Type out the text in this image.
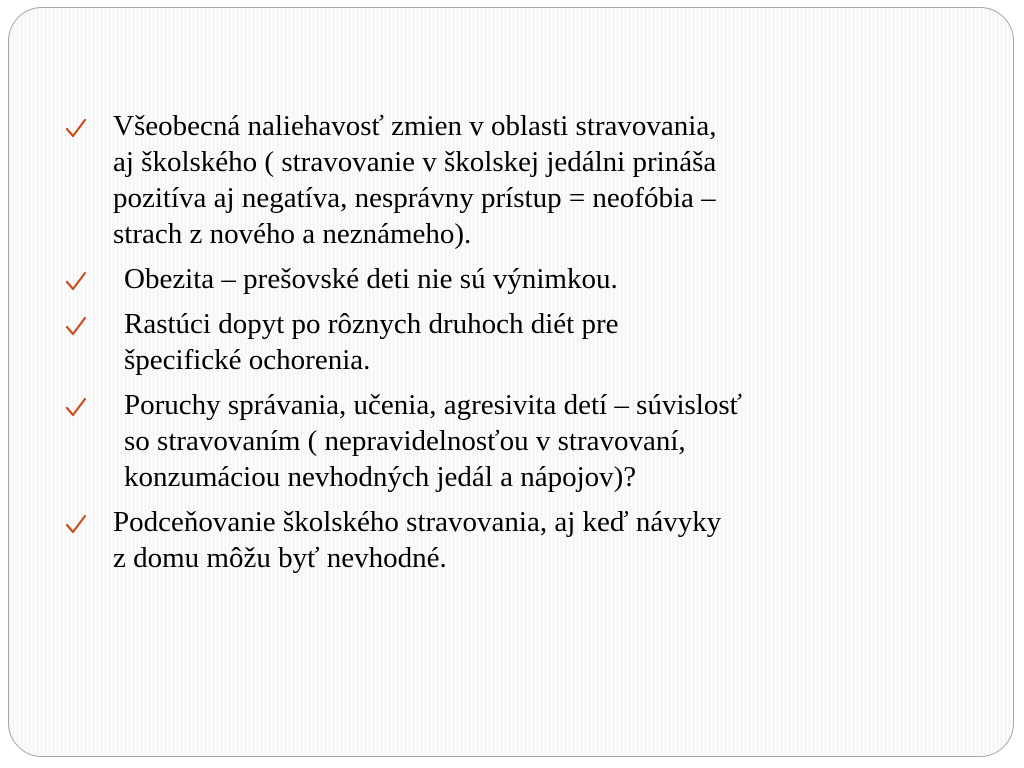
Všeobecná naliehavosť zmien v oblasti stravovania,
aj školského ( stravovanie v školskej jedálni prináša
pozitíva aj negatíva, nesprávny prístup = neofóbia –
strach z nového a neznámeho).
Obezita – prešovské deti nie sú výnimkou.
Rastúci dopyt po rôznych druhoch diét pre
špecifické ochorenia.
Poruchy správania, učenia, agresivita detí – súvislosť
so stravovaním ( nepravidelnosťou v stravovaní,
konzumáciou nevhodných jedál a nápojov)?
Podceňovanie školského stravovania, aj keď návyky
z domu môžu byť nevhodné.
